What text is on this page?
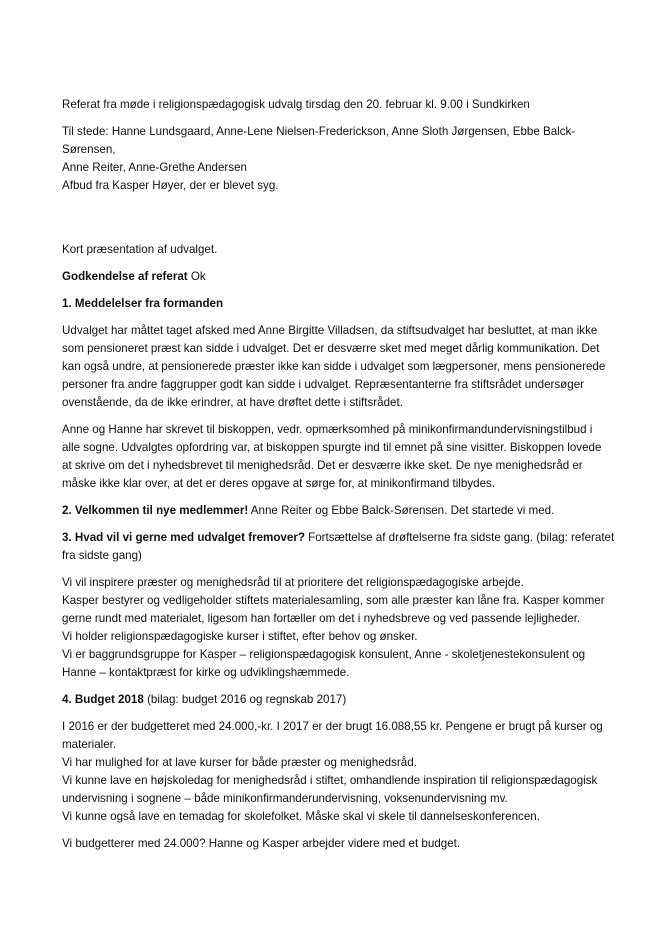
Referat fra møde i religionspædagogisk udvalg tirsdag den 20. februar kl. 9.00 i Sundkirken

Til stede: Hanne Lundsgaard, Anne-Lene Nielsen-Frederickson, Anne Sloth Jørgensen, Ebbe Balck-Sørensen,

Anne Reiter, Anne-Grethe Andersen

Afbud fra Kasper Høyer, der er blevet syg.

Kort præsentation af udvalget.

Godkendelse af referat Ok

1. Meddelelser fra formanden

Udvalget har måttet taget afsked med Anne Birgitte Villadsen, da stiftsudvalget har besluttet, at man ikke

som pensioneret præst kan sidde i udvalget. Det er desværre sket med meget dårlig kommunikation. Det

kan også undre, at pensionerede præster ikke kan sidde i udvalget som lægpersoner, mens pensionerede

personer fra andre faggrupper godt kan sidde i udvalget. Repræsentanterne fra stiftsrådet undersøger

ovenstående, da de ikke erindrer, at have drøftet dette i stiftsrådet.

Anne og Hanne har skrevet til biskoppen, vedr. opmærksomhed på minikonfirmandundervisningstilbud i

alle sogne. Udvalgtes opfordring var, at biskoppen spurgte ind til emnet på sine visitter. Biskoppen lovede

at skrive om det i nyhedsbrevet til menighedsråd. Det er desværre ikke sket. De nye menighedsråd er

måske ikke klar over, at det er deres opgave at sørge for, at minikonfirmand tilbydes.

2. Velkommen til nye medlemmer! Anne Reiter og Ebbe Balck-Sørensen. Det startede vi med.

3. Hvad vil vi gerne med udvalget fremover? Fortsættelse af drøftelserne fra sidste gang. (bilag: referatet

fra sidste gang)

Vi vil inspirere præster og menighedsråd til at prioritere det religionspædagogiske arbejde.

Kasper bestyrer og vedligeholder stiftets materialesamling, som alle præster kan låne fra. Kasper kommer

gerne rundt med materialet, ligesom han fortæller om det i nyhedsbreve og ved passende lejligheder.

Vi holder religionspædagogiske kurser i stiftet, efter behov og ønsker.

Vi er baggrundsgruppe for Kasper – religionspædagogisk konsulent, Anne - skoletjenestekonsulent og

Hanne – kontaktpræst for kirke og udviklingshæmmede.

4. Budget 2018 (bilag: budget 2016 og regnskab 2017)

I 2016 er der budgetteret med 24.000,-kr. I 2017 er der brugt 16.088,55 kr. Pengene er brugt på kurser og

materialer.

Vi har mulighed for at lave kurser for både præster og menighedsråd.

Vi kunne lave en højskoledag for menighedsråd i stiftet, omhandlende inspiration til religionspædagogisk

undervisning i sognene – både minikonfirmanderundervisning, voksenundervisning mv.

Vi kunne også lave en temadag for skolefolket. Måske skal vi skele til dannelseskonferencen.

Vi budgetterer med 24.000? Hanne og Kasper arbejder videre med et budget.
